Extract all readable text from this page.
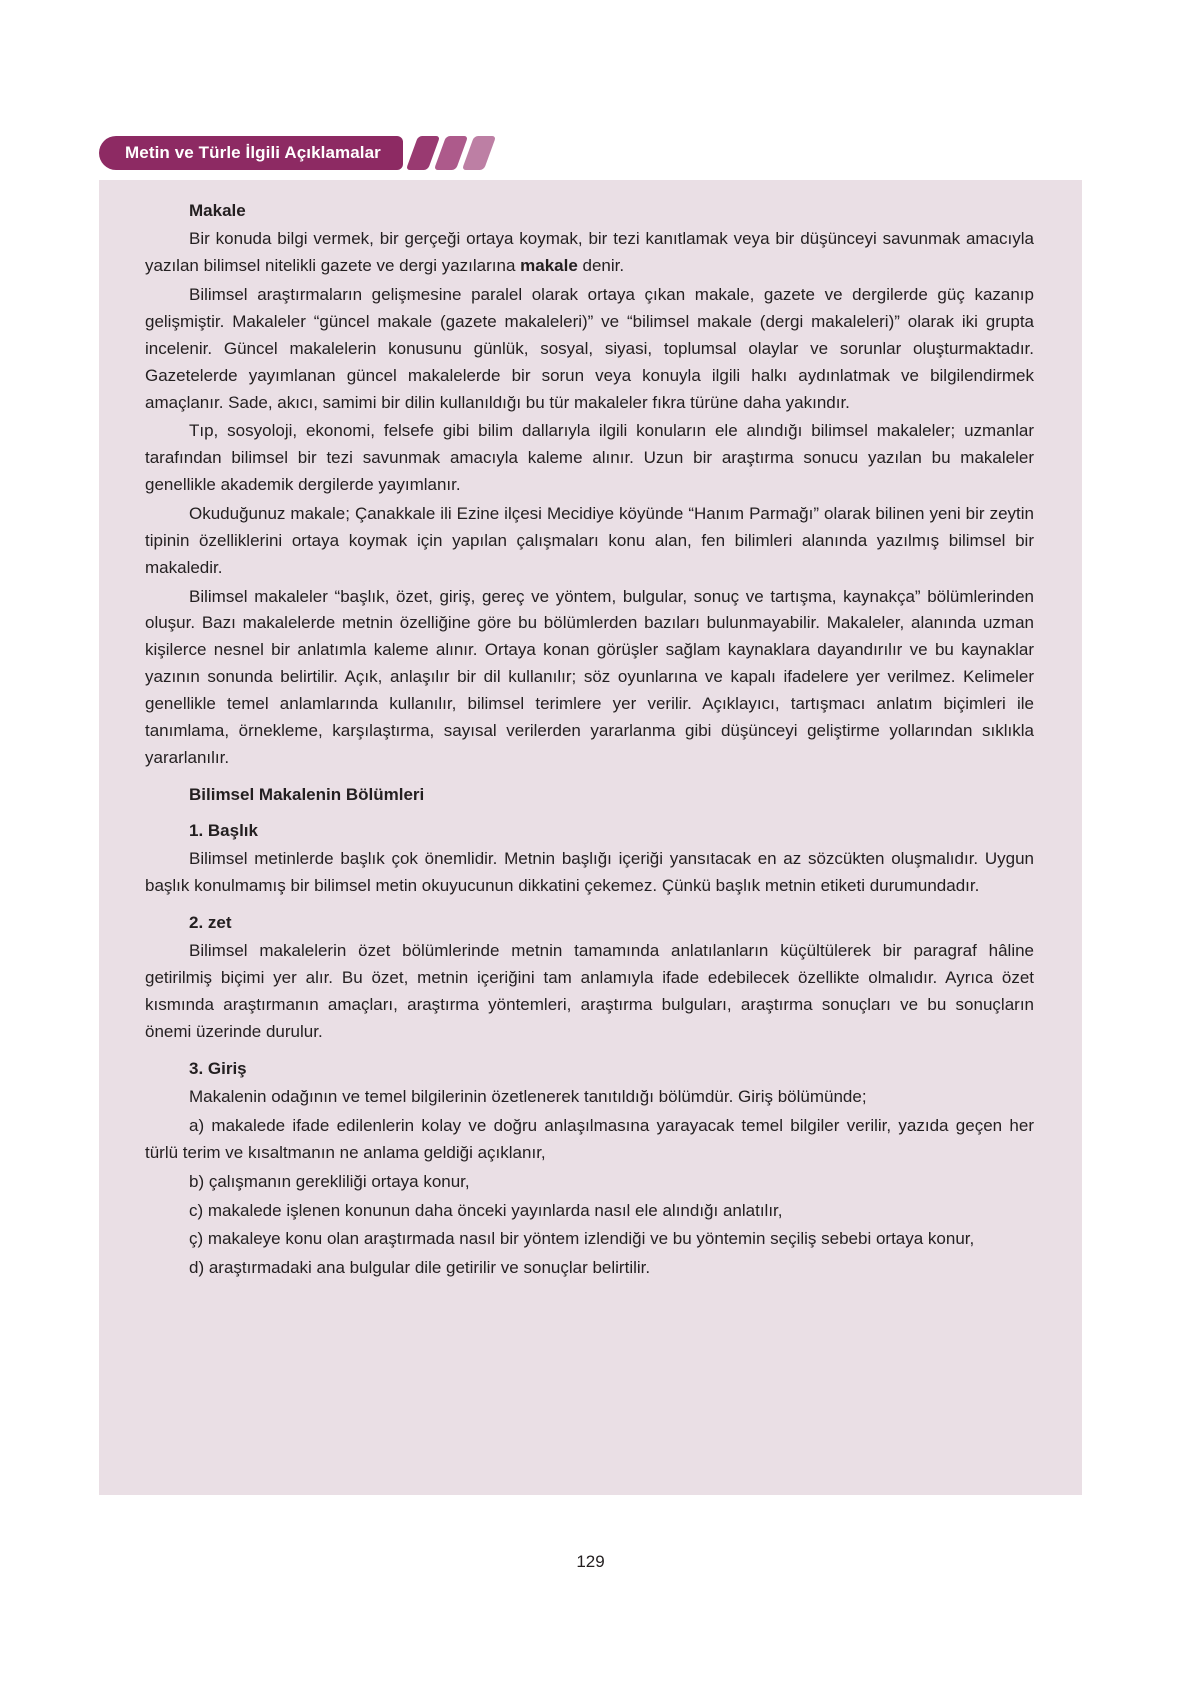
Metin ve Türle İlgili Açıklamalar
Makale

Bir konuda bilgi vermek, bir gerçeği ortaya koymak, bir tezi kanıtlamak veya bir düşünceyi savunmak amacıyla yazılan bilimsel nitelikli gazete ve dergi yazılarına makale denir.

Bilimsel araştırmaların gelişmesine paralel olarak ortaya çıkan makale, gazete ve dergilerde güç kazanıp gelişmiştir. Makaleler “güncel makale (gazete makaleleri)” ve “bilimsel makale (dergi makaleleri)” olarak iki grupta incelenir. Güncel makalelerin konusunu günlük, sosyal, siyasi, toplumsal olaylar ve sorunlar oluşturmaktadır. Gazetelerde yayımlanan güncel makalelerde bir sorun veya konuyla ilgili halkı aydınlatmak ve bilgilendirmek amaçlanır. Sade, akıcı, samimi bir dilin kullanıldığı bu tür makaleler fıkra türüne daha yakındır.

Tıp, sosyoloji, ekonomi, felsefe gibi bilim dallarıyla ilgili konuların ele alındığı bilimsel makaleler; uzmanlar tarafından bilimsel bir tezi savunmak amacıyla kaleme alınır. Uzun bir araştırma sonucu yazılan bu makaleler genellikle akademik dergilerde yayımlanır.

Okuduğunuz makale; Çanakkale ili Ezine ilçesi Mecidiye köyünde “Hanım Parmağı” olarak bilinen yeni bir zeytin tipinin özelliklerini ortaya koymak için yapılan çalışmaları konu alan, fen bilimleri alanında yazılmış bilimsel bir makaledir.

Bilimsel makaleler “başlık, özet, giriş, gereç ve yöntem, bulgular, sonuç ve tartışma, kaynakça” bölümlerinden oluşur. Bazı makalelerde metnin özelliğine göre bu bölümlerden bazıları bulunmayabilir. Makaleler, alanında uzman kişilerce nesnel bir anlatımla kaleme alınır. Ortaya konan görüşler sağlam kaynaklara dayandırılır ve bu kaynaklar yazının sonunda belirtilir. Açık, anlaşılır bir dil kullanılır; söz oyunlarına ve kapalı ifadelere yer verilmez. Kelimeler genellikle temel anlamlarında kullanılır, bilimsel terimlere yer verilir. Açıklayıcı, tartışmacı anlatım biçimleri ile tanımlama, örnekleme, karşılaştırma, sayısal verilerden yararlanma gibi düşünceyi geliştirme yollarından sıklıkla yararlanılır.

Bilimsel Makalenin Bölümleri
1. Başlık

Bilimsel metinlerde başlık çok önemlidir. Metnin başlığı içeriği yansıtacak en az sözcükten oluşmalıdır. Uygun başlık konulmamış bir bilimsel metin okuyucunun dikkatini çekemez. Çünkü başlık metnin etiketi durumundadır.

2. zet

Bilimsel makalelerin özet bölümlerinde metnin tamamında anlatılanların küçültülerek bir paragraf hâline getirilmiş biçimi yer alır. Bu özet, metnin içeriğini tam anlamıyla ifade edebilecek özellikte olmalıdır. Ayrıca özet kısmında araştırmanın amaçları, araştırma yöntemleri, araştırma bulguları, araştırma sonuçları ve bu sonuçların önemi üzerinde durulur.

3. Giriş

Makalenin odağının ve temel bilgilerinin özetlenerek tanıtıldığı bölümdür. Giriş bölümünde;

a) makalede ifade edilenlerin kolay ve doğru anlaşılmasına yarayacak temel bilgiler verilir, yazıda geçen her türlü terim ve kısaltmanın ne anlama geldiği açıklanır,

b) çalışmanın gerekliliği ortaya konur,

c) makalede işlenen konunun daha önceki yayınlarda nasıl ele alındığı anlatılır,

ç) makaleye konu olan araştırmada nasıl bir yöntem izlendiği ve bu yöntemin seçiliş sebebi ortaya konur,

d) araştırmadaki ana bulgular dile getirilir ve sonuçlar belirtilir.

129
